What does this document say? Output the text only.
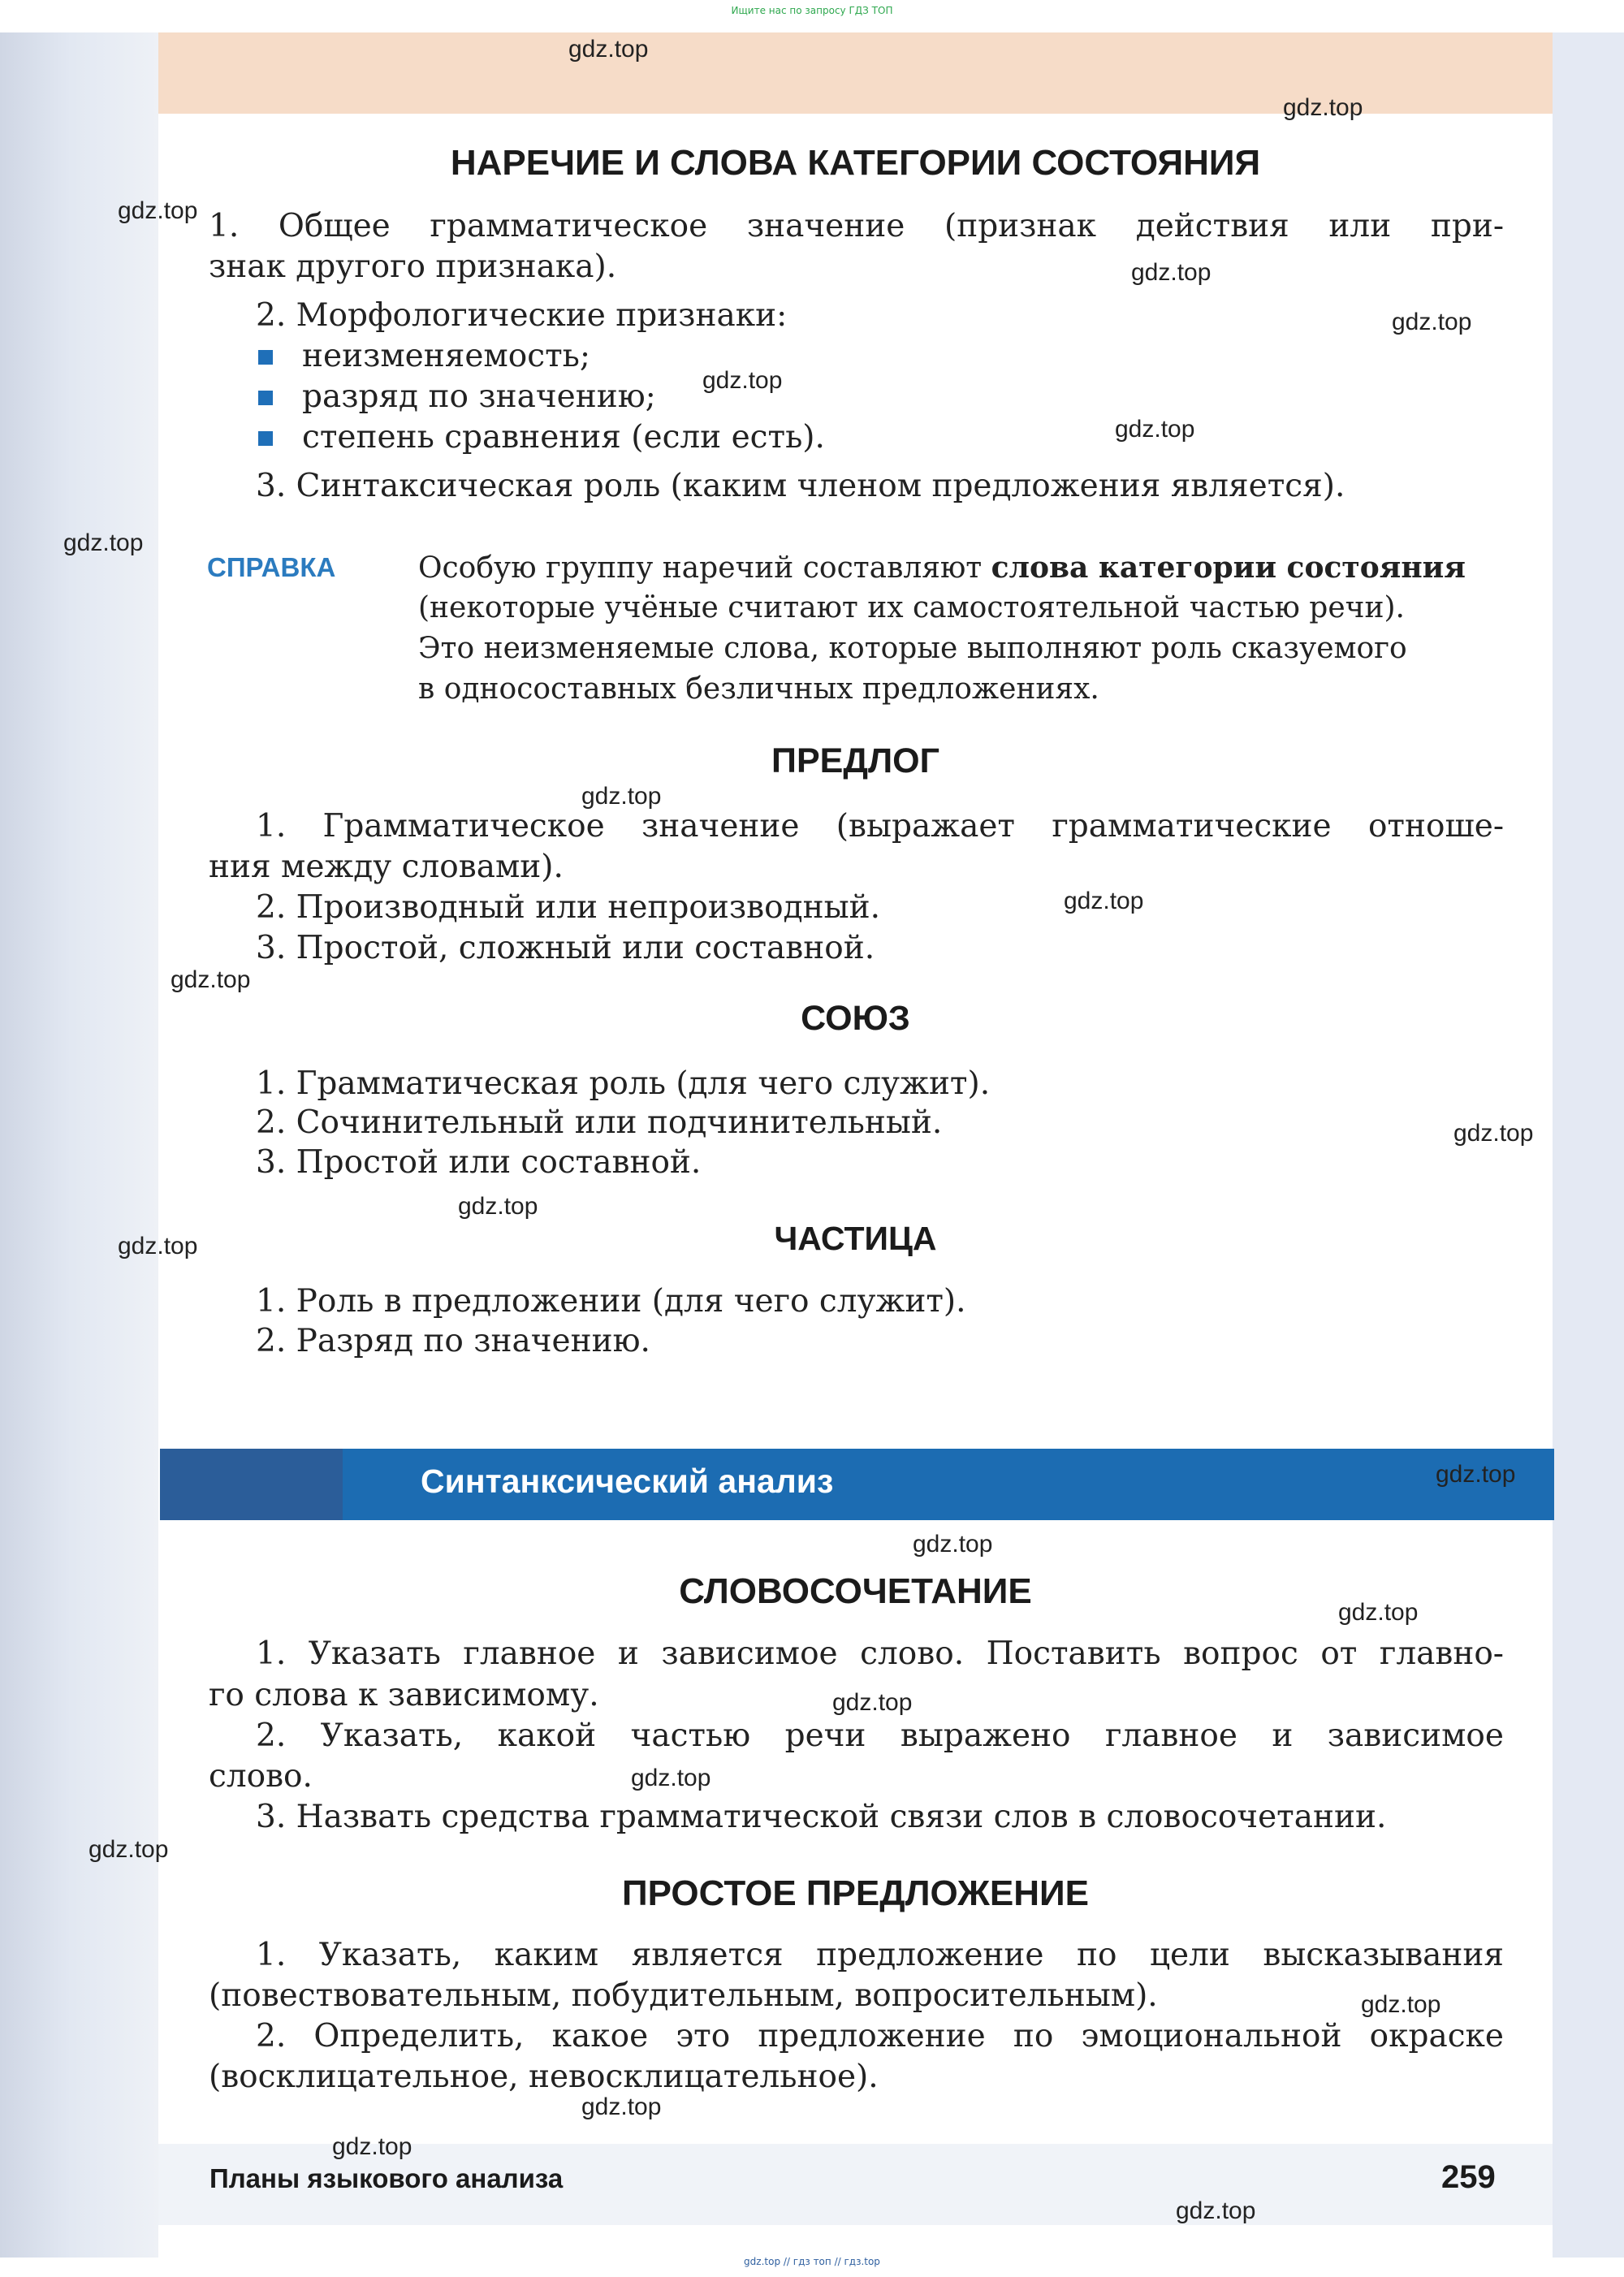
Ищите нас по запросу ГДЗ ТОП
НАРЕЧИЕ И СЛОВА КАТЕГОРИИ СОСТОЯНИЯ

1. Общее грамматическое значение (признак действия или при-

знак другого признака).

2. Морфологические признаки:

неизменяемость;

разряд по значению;

степень сравнения (если есть).

3. Синтаксическая роль (каким членом предложения является).

СПРАВКА	Особую группу наречий составляют слова категории состояния

(некоторые учёные считают их самостоятельной частью речи).

Это неизменяемые слова, которые выполняют роль сказуемого

в односоставных безличных предложениях.

ПРЕДЛОГ

1. Грамматическое значение (выражает грамматические отноше-

ния между словами).

2. Производный или непроизводный.

3. Простой, сложный или составной.

СОЮЗ

1. Грамматическая роль (для чего служит).

2. Сочинительный или подчинительный.

3. Простой или составной.

ЧАСТИЦА

1. Роль в предложении (для чего служит).

2. Разряд по значению.

Синтанксический анализ

СЛОВОСОЧЕТАНИЕ

1. Указать главное и зависимое слово. Поставить вопрос от главно-

го слова к зависимому.

2. Указать, какой частью речи выражено главное и зависимое

слово.

3. Назвать средства грамматической связи слов в словосочетании.

ПРОСТОЕ ПРЕДЛОЖЕНИЕ

1. Указать, каким является предложение по цели высказывания

(повествовательным, побудительным, вопросительным).

2. Определить, какое это предложение по эмоциональной окраске

(восклицательное, невосклицательное).

Планы языкового анализа	259

gdz.top // гдз топ // гдз.top

gdz.top

gdz.top

gdz.top

gdz.top

gdz.top

gdz.top

gdz.top

gdz.top

gdz.top

gdz.top

gdz.top

gdz.top

gdz.top

gdz.top

gdz.top

gdz.top

gdz.top

gdz.top

gdz.top

gdz.top

gdz.top

gdz.top

gdz.top

gdz.top
